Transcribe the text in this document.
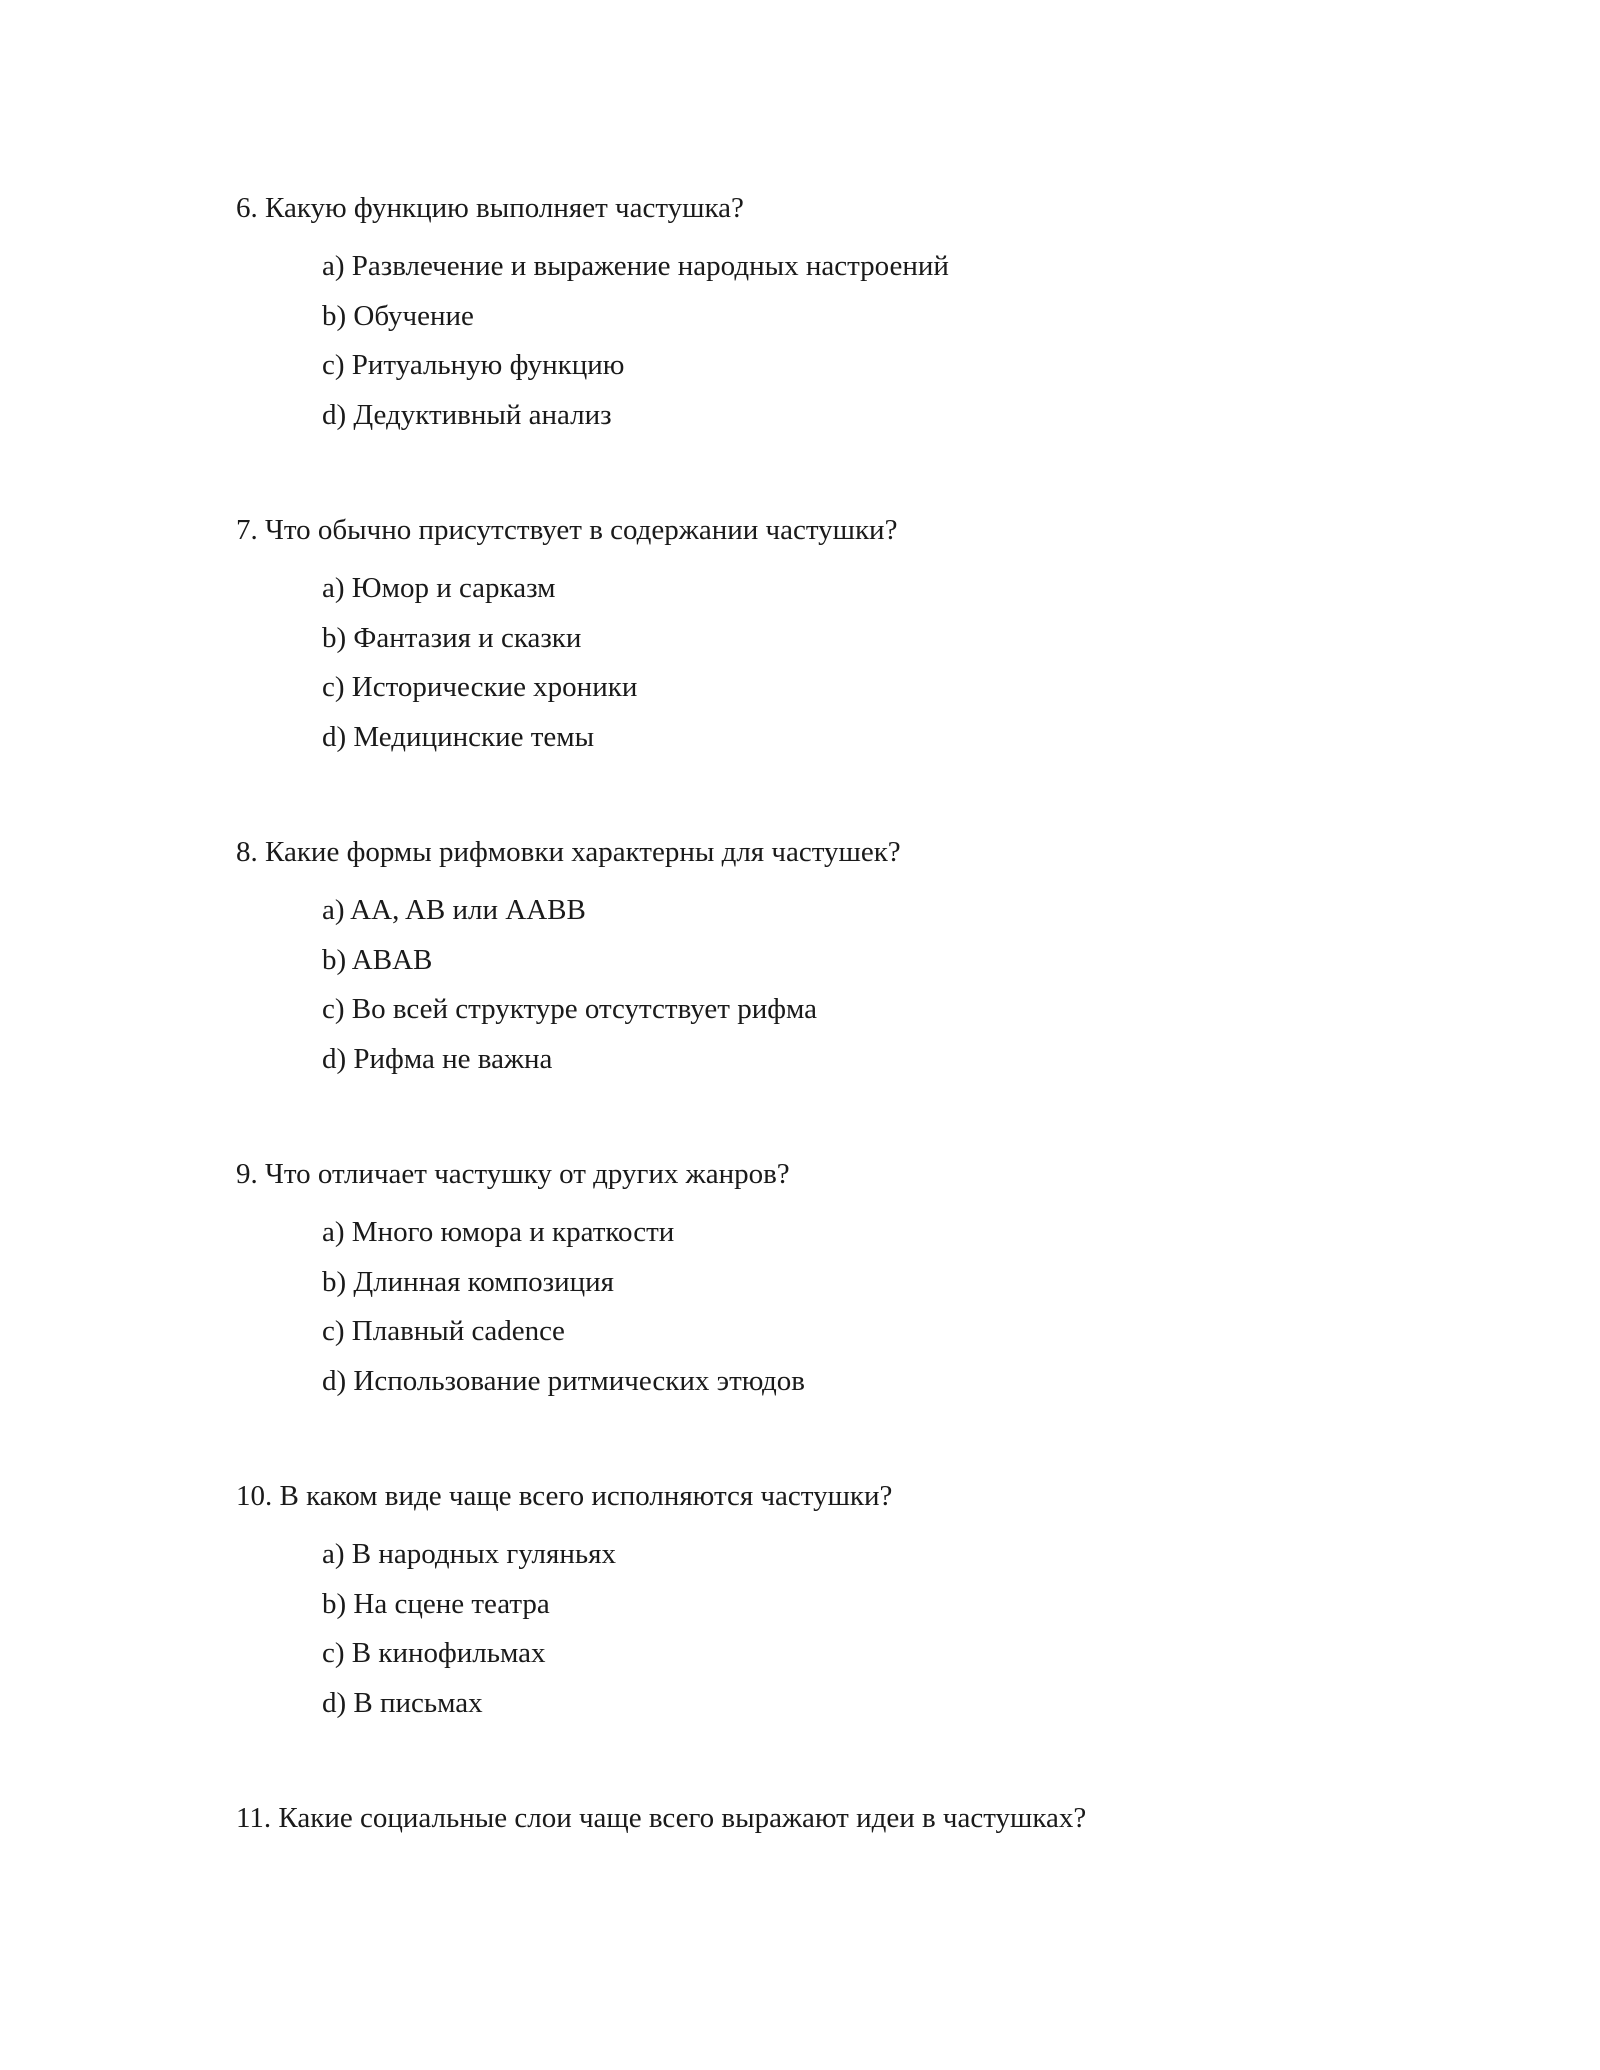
6. Какую функцию выполняет частушка?

a) Развлечение и выражение народных настроений
b) Обучение
c) Ритуальную функцию
d) Дедуктивный анализ

7. Что обычно присутствует в содержании частушки?

a) Юмор и сарказм
b) Фантазия и сказки
c) Исторические хроники
d) Медицинские темы

8. Какие формы рифмовки характерны для частушек?

a) AA, AB или AABB
b) ABAB
c) Во всей структуре отсутствует рифма
d) Рифма не важна

9. Что отличает частушку от других жанров?

a) Много юмора и краткости
b) Длинная композиция
c) Плавный cadence
d) Использование ритмических этюдов

10. В каком виде чаще всего исполняются частушки?

a) В народных гуляньях
b) На сцене театра
c) В кинофильмах
d) В письмах

11. Какие социальные слои чаще всего выражают идеи в частушках?
